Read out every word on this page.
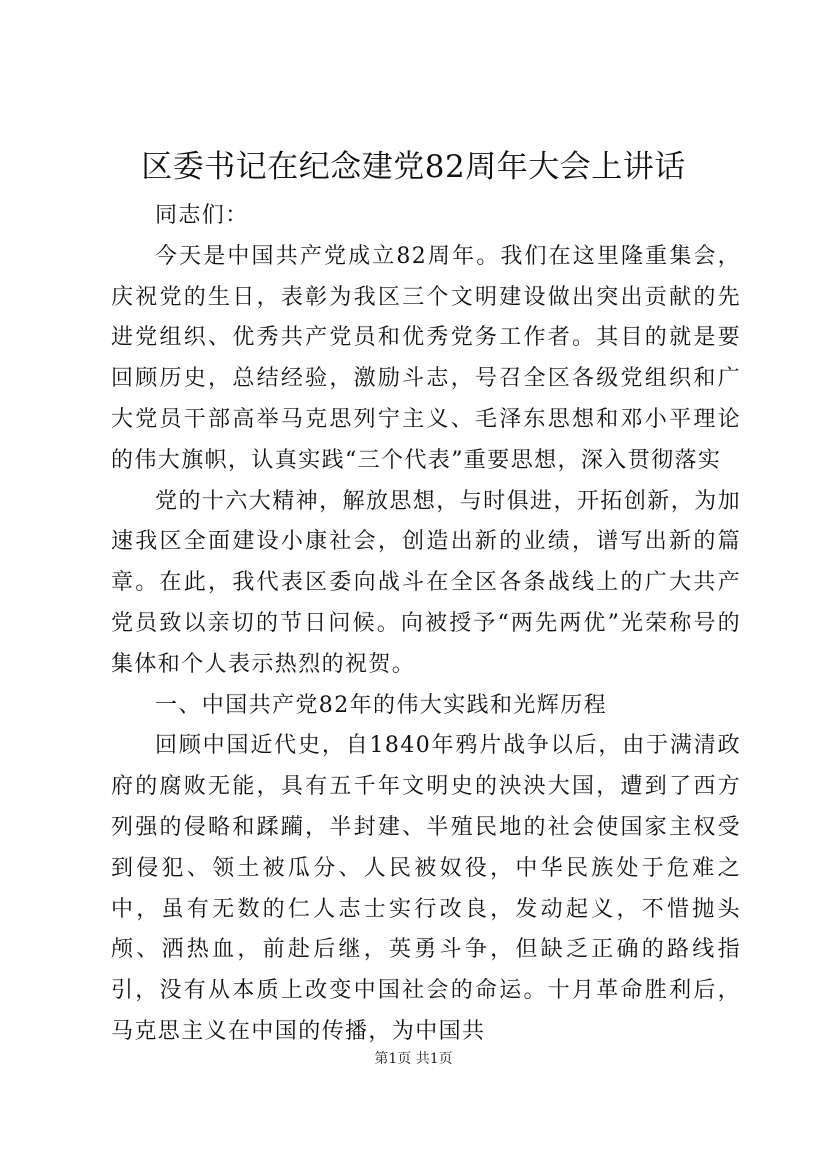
区委书记在纪念建党82周年大会上讲话

同志们：

今天是中国共产党成立82周年。我们在这里隆重集会，庆祝党的生日，表彰为我区三个文明建设做出突出贡献的先进党组织、优秀共产党员和优秀党务工作者。其目的就是要回顾历史，总结经验，激励斗志，号召全区各级党组织和广大党员干部高举马克思列宁主义、毛泽东思想和邓小平理论的伟大旗帜，认真实践“三个代表”重要思想，深入贯彻落实

党的十六大精神，解放思想，与时俱进，开拓创新，为加速我区全面建设小康社会，创造出新的业绩，谱写出新的篇章。在此，我代表区委向战斗在全区各条战线上的广大共产党员致以亲切的节日问候。向被授予“两先两优”光荣称号的集体和个人表示热烈的祝贺。

一、中国共产党82年的伟大实践和光辉历程

回顾中国近代史，自1840年鸦片战争以后，由于满清政府的腐败无能，具有五千年文明史的泱泱大国，遭到了西方列强的侵略和蹂躏，半封建、半殖民地的社会使国家主权受到侵犯、领土被瓜分、人民被奴役，中华民族处于危难之中，虽有无数的仁人志士实行改良，发动起义，不惜抛头颅、洒热血，前赴后继，英勇斗争，但缺乏正确的路线指引，没有从本质上改变中国社会的命运。十月革命胜利后，马克思主义在中国的传播，为中国共

第1页 共1页
